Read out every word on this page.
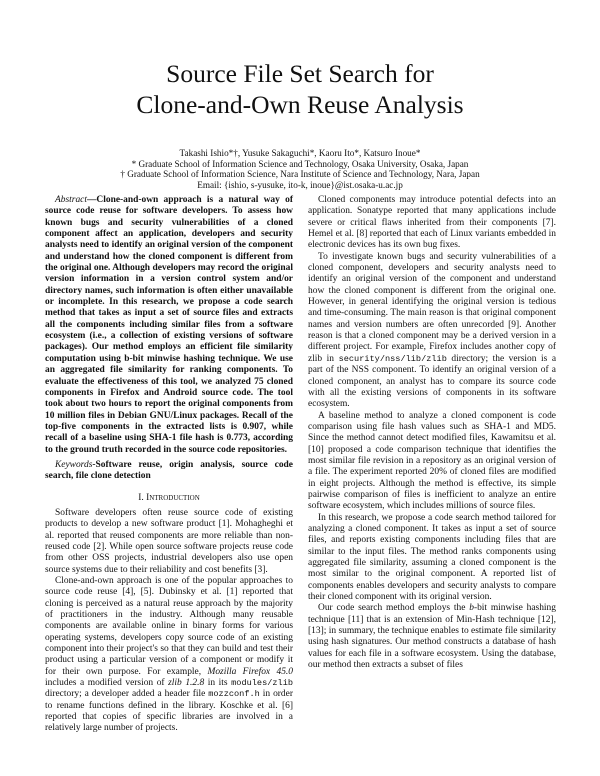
Source File Set Search for
Clone-and-Own Reuse Analysis
Takashi Ishio*†, Yusuke Sakaguchi*, Kaoru Ito*, Katsuro Inoue*
* Graduate School of Information Science and Technology, Osaka University, Osaka, Japan
† Graduate School of Information Science, Nara Institute of Science and Technology, Nara, Japan
Email: {ishio, s-yusuke, ito-k, inoue}@ist.osaka-u.ac.jp

Abstract—Clone-and-own approach is a natural way of source code reuse for software developers. To assess how known bugs and security vulnerabilities of a cloned component affect an application, developers and security analysts need to identify an original version of the component and understand how the cloned component is different from the original one. Although developers may record the original version information in a version control system and/or directory names, such information is often either unavailable or incomplete. In this research, we propose a code search method that takes as input a set of source files and extracts all the components including similar files from a software ecosystem (i.e., a collection of existing versions of software packages). Our method employs an efficient file similarity computation using b-bit minwise hashing technique. We use an aggregated file similarity for ranking components. To evaluate the effectiveness of this tool, we analyzed 75 cloned components in Firefox and Android source code. The tool took about two hours to report the original components from 10 million files in Debian GNU/Linux packages. Recall of the top-five components in the extracted lists is 0.907, while recall of a baseline using SHA-1 file hash is 0.773, according to the ground truth recorded in the source code repositories.

Keywords-Software reuse, origin analysis, source code search, file clone detection

I. Introduction

Software developers often reuse source code of existing products to develop a new software product [1]. Mohagheghi et al. reported that reused components are more reliable than non-reused code [2]. While open source software projects reuse code from other OSS projects, industrial developers also use open source systems due to their reliability and cost benefits [3].

Clone-and-own approach is one of the popular approaches to source code reuse [4], [5]. Dubinsky et al. [1] reported that cloning is perceived as a natural reuse approach by the majority of practitioners in the industry. Although many reusable components are available online in binary forms for various operating systems, developers copy source code of an existing component into their project's so that they can build and test their product using a particular version of a component or modify it for their own purpose. For example, Mozilla Firefox 45.0 includes a modified version of zlib 1.2.8 in its modules/zlib directory; a developer added a header file mozzconf.h in order to rename functions defined in the library. Koschke et al. [6] reported that copies of specific libraries are involved in a relatively large number of projects.

Cloned components may introduce potential defects into an application. Sonatype reported that many applications include severe or critical flaws inherited from their components [7]. Hemel et al. [8] reported that each of Linux variants embedded in electronic devices has its own bug fixes.

To investigate known bugs and security vulnerabilities of a cloned component, developers and security analysts need to identify an original version of the component and understand how the cloned component is different from the original one. However, in general identifying the original version is tedious and time-consuming. The main reason is that original component names and version numbers are often unrecorded [9]. Another reason is that a cloned component may be a derived version in a different project. For example, Firefox includes another copy of zlib in security/nss/lib/zlib directory; the version is a part of the NSS component. To identify an original version of a cloned component, an analyst has to compare its source code with all the existing versions of components in its software ecosystem.

A baseline method to analyze a cloned component is code comparison using file hash values such as SHA-1 and MD5. Since the method cannot detect modified files, Kawamitsu et al. [10] proposed a code comparison technique that identifies the most similar file revision in a repository as an original version of a file. The experiment reported 20% of cloned files are modified in eight projects. Although the method is effective, its simple pairwise comparison of files is inefficient to analyze an entire software ecosystem, which includes millions of source files.

In this research, we propose a code search method tailored for analyzing a cloned component. It takes as input a set of source files, and reports existing components including files that are similar to the input files. The method ranks components using aggregated file similarity, assuming a cloned component is the most similar to the original component. A reported list of components enables developers and security analysts to compare their cloned component with its original version.

Our code search method employs the b-bit minwise hashing technique [11] that is an extension of Min-Hash technique [12], [13]; in summary, the technique enables to estimate file similarity using hash signatures. Our method constructs a database of hash values for each file in a software ecosystem. Using the database, our method then extracts a subset of files
